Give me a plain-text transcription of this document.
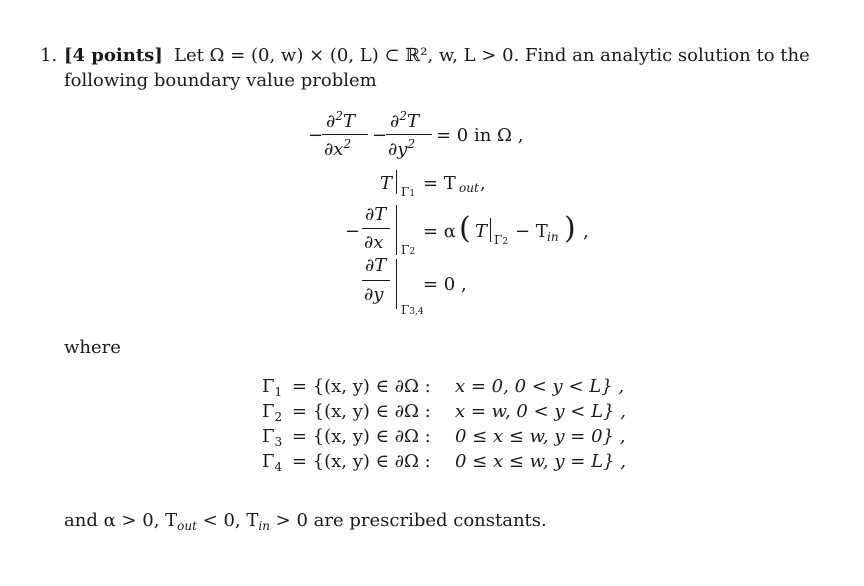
1. [4 points] Let Ω = (0, w) × (0, L) ⊂ ℝ², w, L > 0. Find an analytic solution to the
following boundary value problem
−
∂$^2$T
$\partial x^2$ −
∂$^2$T
$\partial y^2 = 0$ in Ω ,
T Γ1 = T out ,
−
∂T
∂x Γ2
= α ( T Γ2 − T in ) ,
∂T
∂y
Γ3,4
= 0 ,
where
$\Gamma_1 = \{(x$, y) ∈ ∂Ω : x = 0, 0 < y < L} ,
$\Gamma_2 = \{(x$, y) ∈ ∂Ω : x = w, 0 < y < L} ,
$\Gamma_3 = \{(x$, y) ∈ ∂Ω : 0 ≤ x ≤ w, y = 0} ,
$\Gamma_4 = \{(x$, y) ∈ ∂Ω : 0 ≤ x ≤ w, y = L} ,
and α > 0, $T_{out} < 0$, $T_{in} > 0$ are prescribed constants.
